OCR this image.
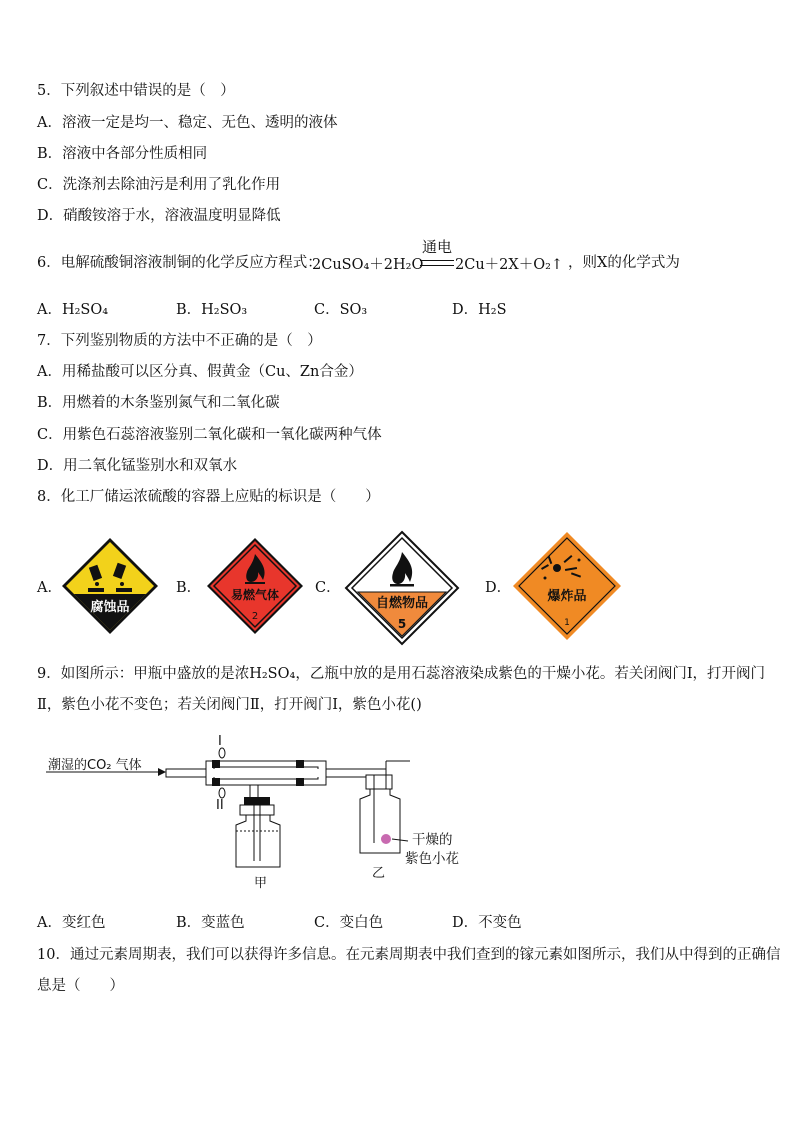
5．下列叙述中错误的是（　）
A．溶液一定是均一、稳定、无色、透明的液体
B．溶液中各部分性质相同
C．洗涤剂去除油污是利用了乳化作用
D．硝酸铵溶于水，溶液温度明显降低
6．电解硫酸铜溶液制铜的化学反应方程式：
2CuSO₄＋2H₂O
通电
2Cu＋2X＋O₂↑ ，则X的化学式为
A．H₂SO₄	B．H₂SO₃	C．SO₃	D．H₂S
7．下列鉴别物质的方法中不正确的是（　）
A．用稀盐酸可以区分真、假黄金（Cu、Zn合金）
B．用燃着的木条鉴别氮气和二氧化碳
C．用紫色石蕊溶液鉴别二氧化碳和一氧化碳两种气体
D．用二氧化锰鉴别水和双氧水
8．化工厂储运浓硫酸的容器上应贴的标识是（　　）
A．	B．	C．	D．
腐蚀品
易燃气体
2
自燃物品
5
爆炸品
1
9．如图所示：甲瓶中盛放的是浓H₂SO₄，乙瓶中放的是用石蕊溶液染成紫色的干燥小花。若关闭阀门Ⅰ，打开阀门
Ⅱ，紫色小花不变色；若关闭阀门Ⅱ，打开阀门Ⅰ，紫色小花()
潮湿的CO₂ 气体
I
II
甲
乙
干燥的
紫色小花
A．变红色	B．变蓝色	C．变白色	D．不变色
10．通过元素周期表，我们可以获得许多信息。在元素周期表中我们查到的镓元素如图所示，我们从中得到的正确信
息是（　　）
